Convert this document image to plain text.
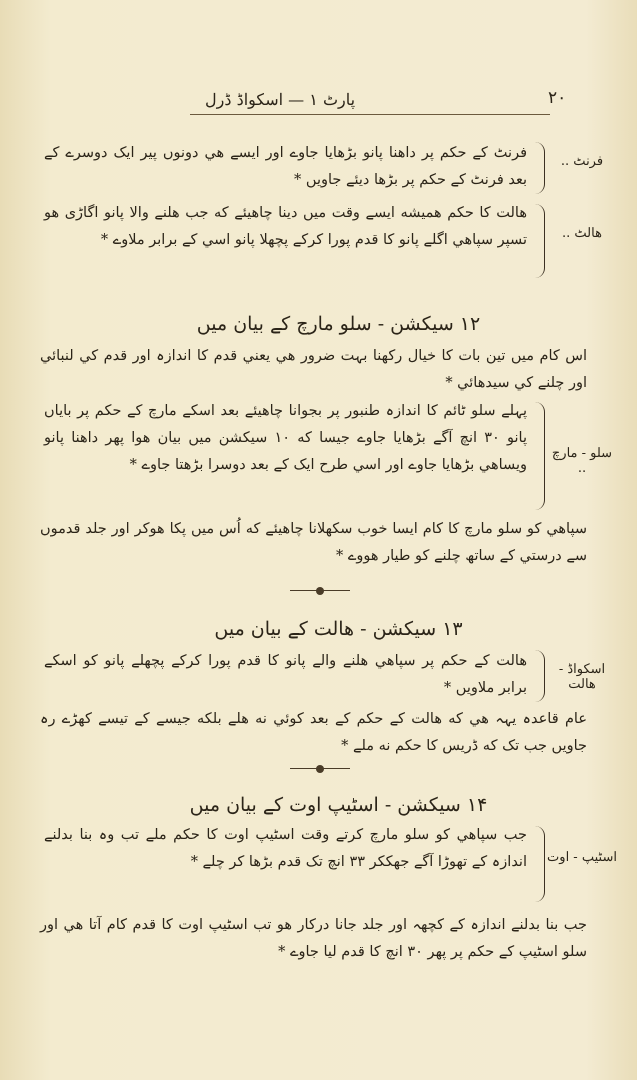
۲۰
پارٹ ۱ — اسکواڈ ڈرل
فرنٹ ..
فرنٹ کے حکم پر داھنا پانو بڑھایا جاوے اور ایسے ھي دونوں پیر ایک دوسرے کے بعد فرنٹ کے حکم پر بڑھا دیئے جاویں *
ھالٹ ..
ھالت کا حکم ھمیشه ایسے وقت میں دینا چاھیئے که جب ھلنے والا پانو اگاڑی ھو تسپر سپاھي اگلے پانو کا قدم پورا کرکے پچھلا پانو اسي کے برابر ملاوے *
۱۲ سیکشن - سلو مارچ کے بیان میں
اس کام میں تین بات کا خیال رکھنا بہت ضرور ھي یعني قدم کا اندازہ اور قدم کي لنبائي اور چلنے کي سیدھائي *
سلو - مارچ ..
پہلے سلو ٹائم کا اندازہ طنبور پر بجوانا چاھیئے بعد اسکے مارچ کے حکم پر بایاں پانو ۳۰ انچ آگے بڑھایا جاوے جیسا که ۱۰ سیکشن میں بیان ھوا پھر داھنا پانو ویساھي بڑھایا جاوے اور اسي طرح ایک کے بعد دوسرا بڑھتا جاوے *
سپاھي کو سلو مارچ کا کام ایسا خوب سکھلانا چاھیئے که اُس میں پکا ھوکر اور جلد قدموں سے درستي کے ساتھ چلنے کو طیار ھووے *
۱۳ سیکشن - ھالت کے بیان میں
اسکواڈ - ھالت
ھالت کے حکم پر سپاھي ھلنے والے پانو کا قدم پورا کرکے پچھلے پانو کو اسکے برابر ملاویں *
عام قاعدہ یہہ ھي که ھالت کے حکم کے بعد کوئي نه ھلے بلکه جیسے کے تیسے کھڑے رہ جاویں جب تک که ڈریس کا حکم نه ملے *
۱۴ سیکشن - اسٹیپ اوت کے بیان میں
اسٹیپ - اوت
جب سپاھي کو سلو مارچ کرتے وقت اسٹیپ اوت کا حکم ملے تب وہ بنا بدلنے اندازہ کے تھوڑا آگے جھککر ۳۳ انچ تک قدم بڑھا کر چلے *
جب بنا بدلنے اندازہ کے کچھہ اور جلد جانا درکار ھو تب اسٹیپ اوت کا قدم کام آتا ھي اور سلو اسٹیپ کے حکم پر پھر ۳۰ انچ کا قدم لیا جاوے *
